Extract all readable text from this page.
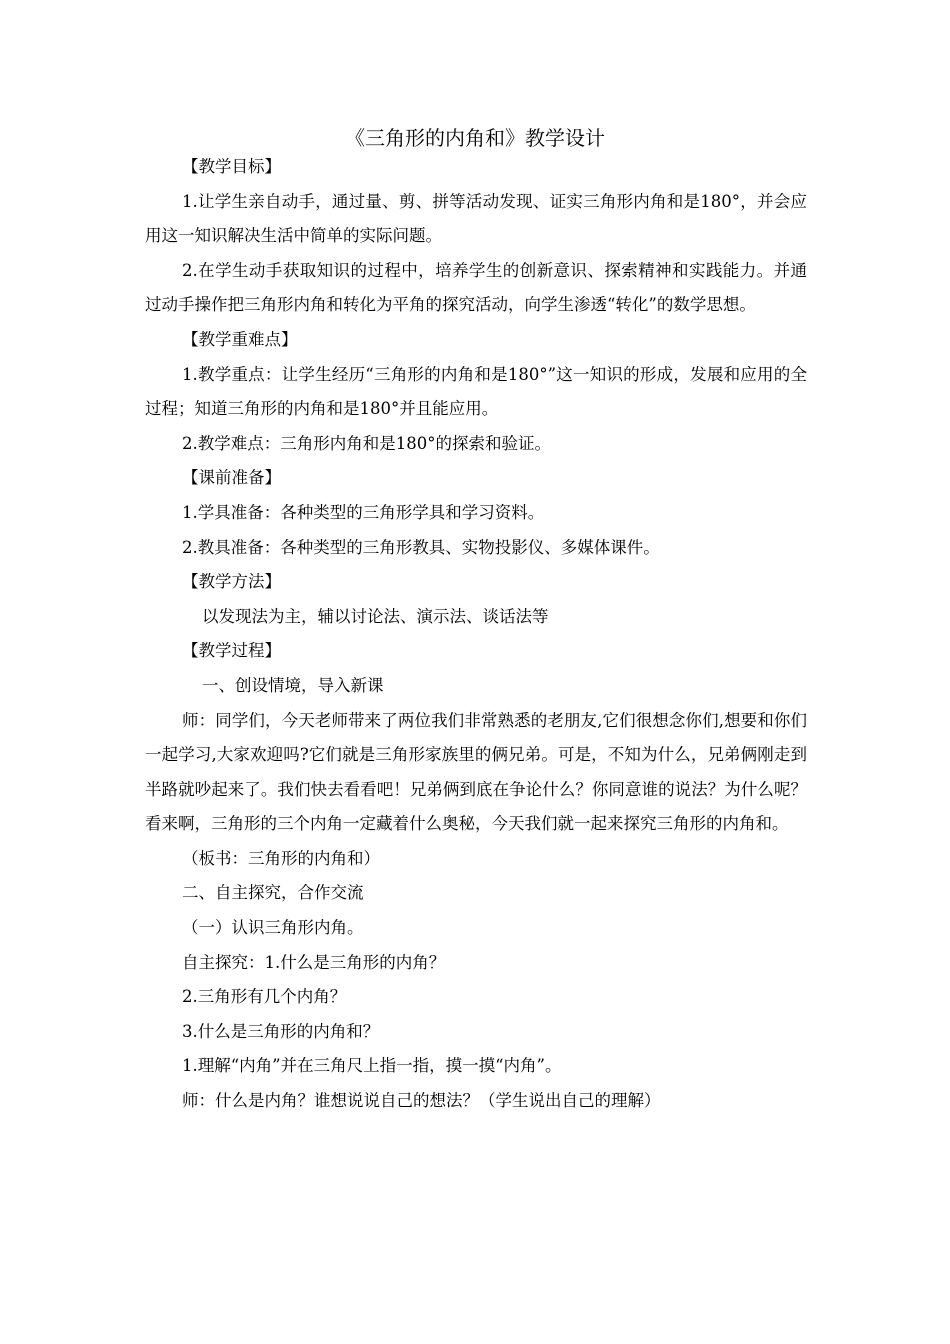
《三角形的内角和》教学设计

【教学目标】

1.让学生亲自动手，通过量、剪、拼等活动发现、证实三角形内角和是180°，并会应用这一知识解决生活中简单的实际问题。

2.在学生动手获取知识的过程中，培养学生的创新意识、探索精神和实践能力。并通过动手操作把三角形内角和转化为平角的探究活动，向学生渗透“转化”的数学思想。

【教学重难点】

1.教学重点：让学生经历“三角形的内角和是180°”这一知识的形成，发展和应用的全过程；知道三角形的内角和是180°并且能应用。

2.教学难点：三角形内角和是180°的探索和验证。

【课前准备】

1.学具准备：各种类型的三角形学具和学习资料。

2.教具准备：各种类型的三角形教具、实物投影仪、多媒体课件。

【教学方法】

以发现法为主，辅以讨论法、演示法、谈话法等

【教学过程】

一、创设情境，导入新课

师：同学们，今天老师带来了两位我们非常熟悉的老朋友,它们很想念你们,想要和你们一起学习,大家欢迎吗?它们就是三角形家族里的俩兄弟。可是，不知为什么，兄弟俩刚走到半路就吵起来了。我们快去看看吧！兄弟俩到底在争论什么？你同意谁的说法？为什么呢？看来啊，三角形的三个内角一定藏着什么奥秘，今天我们就一起来探究三角形的内角和。

（板书：三角形的内角和）

二、自主探究，合作交流

（一）认识三角形内角。

自主探究：1.什么是三角形的内角？

2.三角形有几个内角？

3.什么是三角形的内角和？

1.理解“内角”并在三角尺上指一指，摸一摸“内角”。

师：什么是内角？谁想说说自己的想法？（学生说出自己的理解）
